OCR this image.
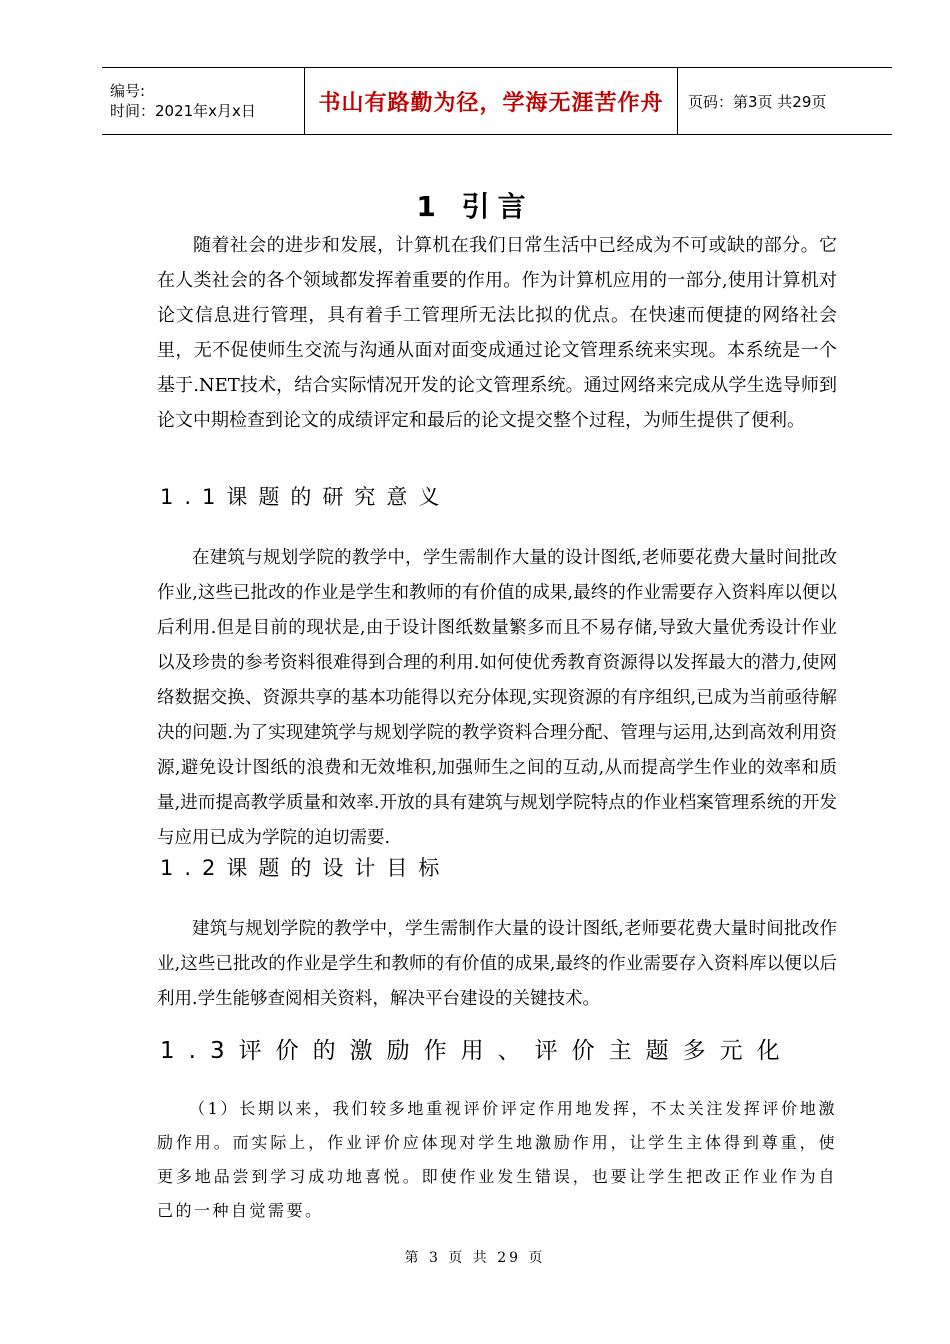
编号:
时间：2021年x月x日	书山有路勤为径，学海无涯苦作舟 页码：第3页 共29页
1 引言

随着社会的进步和发展，计算机在我们日常生活中已经成为不可或缺的部分。它在人类社会的各个领域都发挥着重要的作用。作为计算机应用的一部分,使用计算机对论文信息进行管理，具有着手工管理所无法比拟的优点。在快速而便捷的网络社会里，无不促使师生交流与沟通从面对面变成通过论文管理系统来实现。本系统是一个基于.NET技术，结合实际情况开发的论文管理系统。通过网络来完成从学生选导师到论文中期检查到论文的成绩评定和最后的论文提交整个过程，为师生提供了便利。

1.1课题的研究意义

在建筑与规划学院的教学中，学生需制作大量的设计图纸,老师要花费大量时间批改作业,这些已批改的作业是学生和教师的有价值的成果,最终的作业需要存入资料库以便以后利用.但是目前的现状是,由于设计图纸数量繁多而且不易存储,导致大量优秀设计作业以及珍贵的参考资料很难得到合理的利用.如何使优秀教育资源得以发挥最大的潜力,使网络数据交换、资源共享的基本功能得以充分体现,实现资源的有序组织,已成为当前亟待解决的问题.为了实现建筑学与规划学院的教学资料合理分配、管理与运用,达到高效利用资源,避免设计图纸的浪费和无效堆积,加强师生之间的互动,从而提高学生作业的效率和质量,进而提高教学质量和效率.开放的具有建筑与规划学院特点的作业档案管理系统的开发与应用已成为学院的迫切需要.

1.2课题的设计目标

建筑与规划学院的教学中，学生需制作大量的设计图纸,老师要花费大量时间批改作业,这些已批改的作业是学生和教师的有价值的成果,最终的作业需要存入资料库以便以后利用.学生能够查阅相关资料，解决平台建设的关键技术。

1.3评价的激励作用、评价主题多元化

（1）长期以来，我们较多地重视评价评定作用地发挥，不太关注发挥评价地激励作用。而实际上，作业评价应体现对学生地激励作用，让学生主体得到尊重，使更多地品尝到学习成功地喜悦。即使作业发生错误，也要让学生把改正作业作为自己的一种自觉需要。

第 3 页 共 29 页
